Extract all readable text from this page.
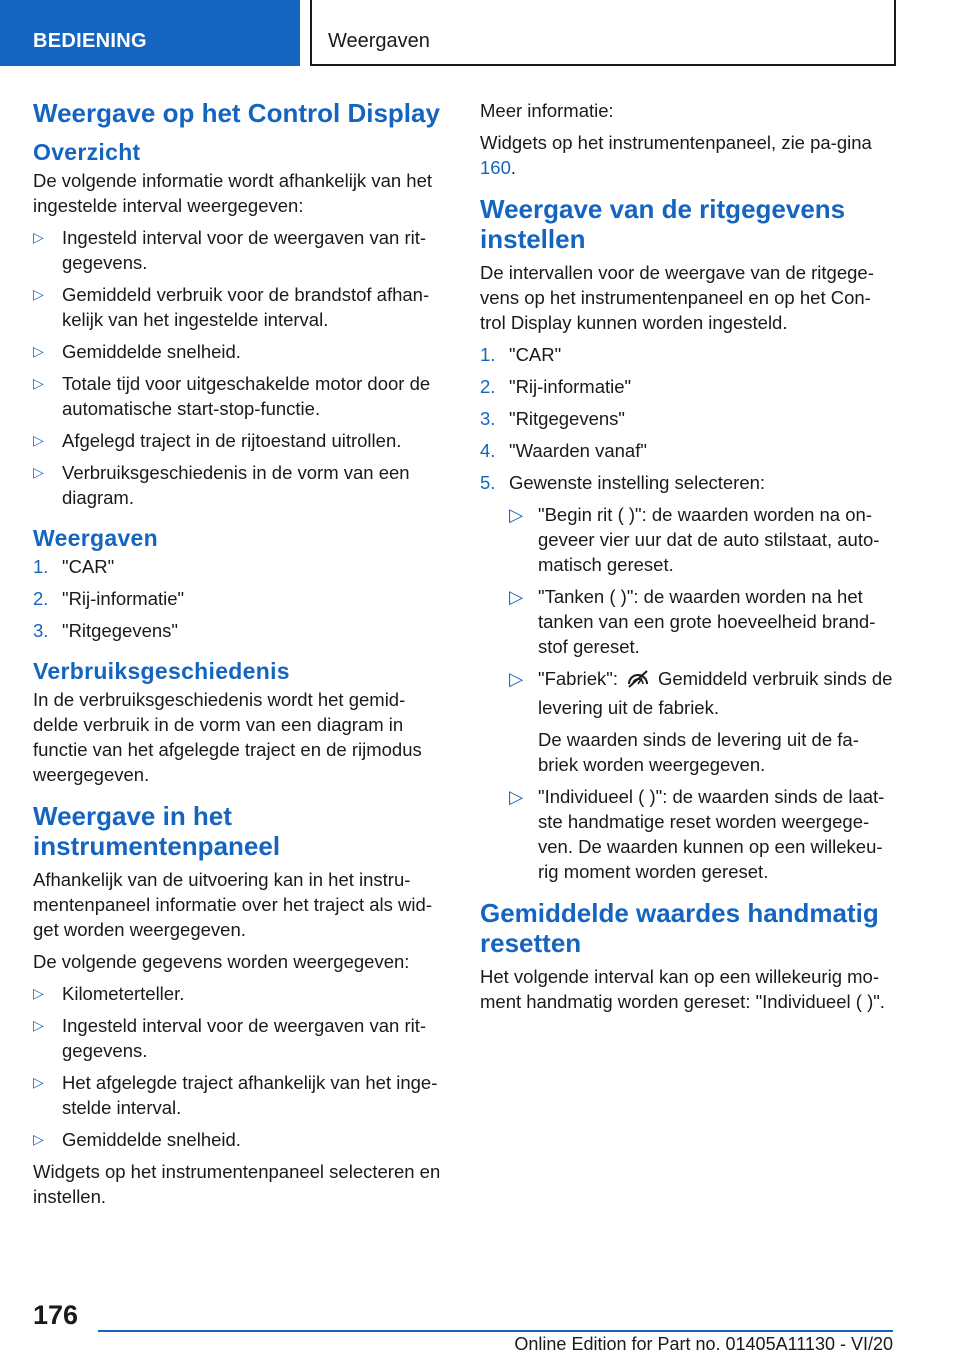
BEDIENING	Weergaven
Weergave op het Control Display
Overzicht
De volgende informatie wordt afhankelijk van het ingestelde interval weergegeven:
▷ Ingesteld interval voor de weergaven van rit-gegevens.
▷ Gemiddeld verbruik voor de brandstof afhan-kelijk van het ingestelde interval.
▷ Gemiddelde snelheid.
▷ Totale tijd voor uitgeschakelde motor door de automatische start-stop-functie.
▷ Afgelegd traject in de rijtoestand uitrollen.
▷ Verbruiksgeschiedenis in de vorm van een diagram.
Weergaven
1. "CAR"
2. "Rij-informatie"
3. "Ritgegevens"
Verbruiksgeschiedenis
In de verbruiksgeschiedenis wordt het gemid-delde verbruik in de vorm van een diagram in functie van het afgelegde traject en de rijmodus weergegeven.
Weergave in het instrumentenpaneel
Afhankelijk van de uitvoering kan in het instru-mentenpaneel informatie over het traject als wid-get worden weergegeven.
De volgende gegevens worden weergegeven:
▷ Kilometerteller.
▷ Ingesteld interval voor de weergaven van rit-gegevens.
▷ Het afgelegde traject afhankelijk van het inge-stelde interval.
▷ Gemiddelde snelheid.
Widgets op het instrumentenpaneel selecteren en instellen.
Meer informatie:
Widgets op het instrumentenpaneel, zie pa-gina 160.
Weergave van de ritgegevens instellen
De intervallen voor de weergave van de ritgege-vens op het instrumentenpaneel en op het Con-trol Display kunnen worden ingesteld.
1. "CAR"
2. "Rij-informatie"
3. "Ritgegevens"
4. "Waarden vanaf"
5. Gewenste instelling selecteren:
▷ "Begin rit ( )": de waarden worden na on-geveer vier uur dat de auto stilstaat, auto-matisch gereset.
▷ "Tanken ( )": de waarden worden na het tanken van een grote hoeveelheid brand-stof gereset.
▷ "Fabriek": Gemiddeld verbruik sinds de levering uit de fabriek.
De waarden sinds de levering uit de fa-briek worden weergegeven.
▷ "Individueel ( )": de waarden sinds de laat-ste handmatige reset worden weergege-ven. De waarden kunnen op een willekeu-rig moment worden gereset.
Gemiddelde waardes handmatig resetten
Het volgende interval kan op een willekeurig mo-ment handmatig worden gereset: "Individueel ( )".
176
Online Edition for Part no. 01405A11130 - VI/20
